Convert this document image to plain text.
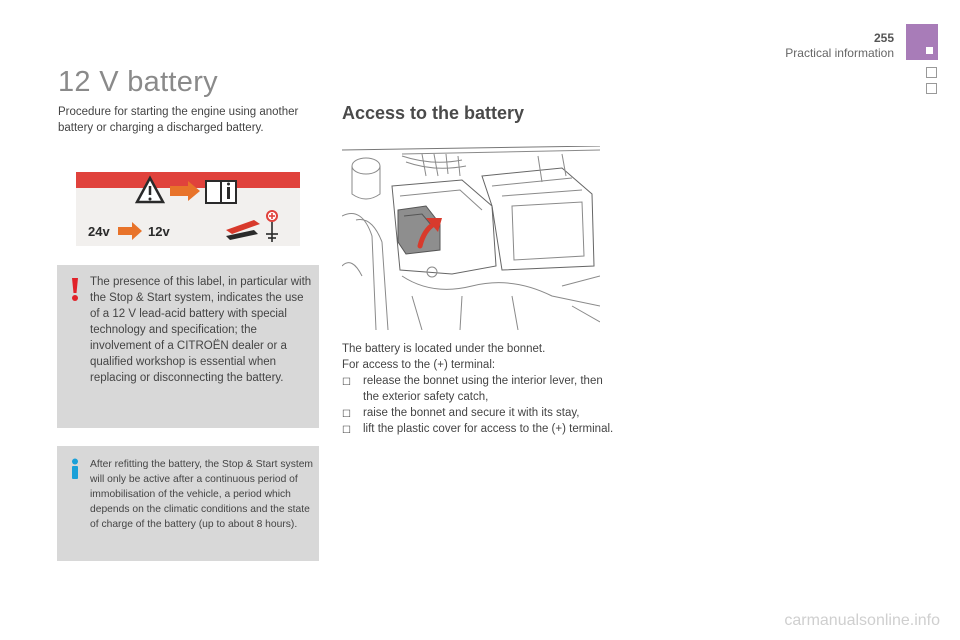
255
Practical information
12 V battery

Procedure for starting the engine using another battery or charging a discharged battery.

24v	12v

The presence of this label, in particular with the Stop & Start system, indicates the use of a 12 V lead-acid battery with special technology and specification; the involvement of a CITROËN dealer or a qualified workshop is essential when replacing or disconnecting the battery.

After refitting the battery, the Stop & Start system will only be active after a continuous period of immobilisation of the vehicle, a period which depends on the climatic conditions and the state of charge of the battery (up to about 8 hours).

Access to the battery

The battery is located under the bonnet.
For access to the (+) terminal:

☐ release the bonnet using the interior lever, then the exterior safety catch,
☐ raise the bonnet and secure it with its stay,
☐ lift the plastic cover for access to the (+) terminal.
carmanualsonline.info
